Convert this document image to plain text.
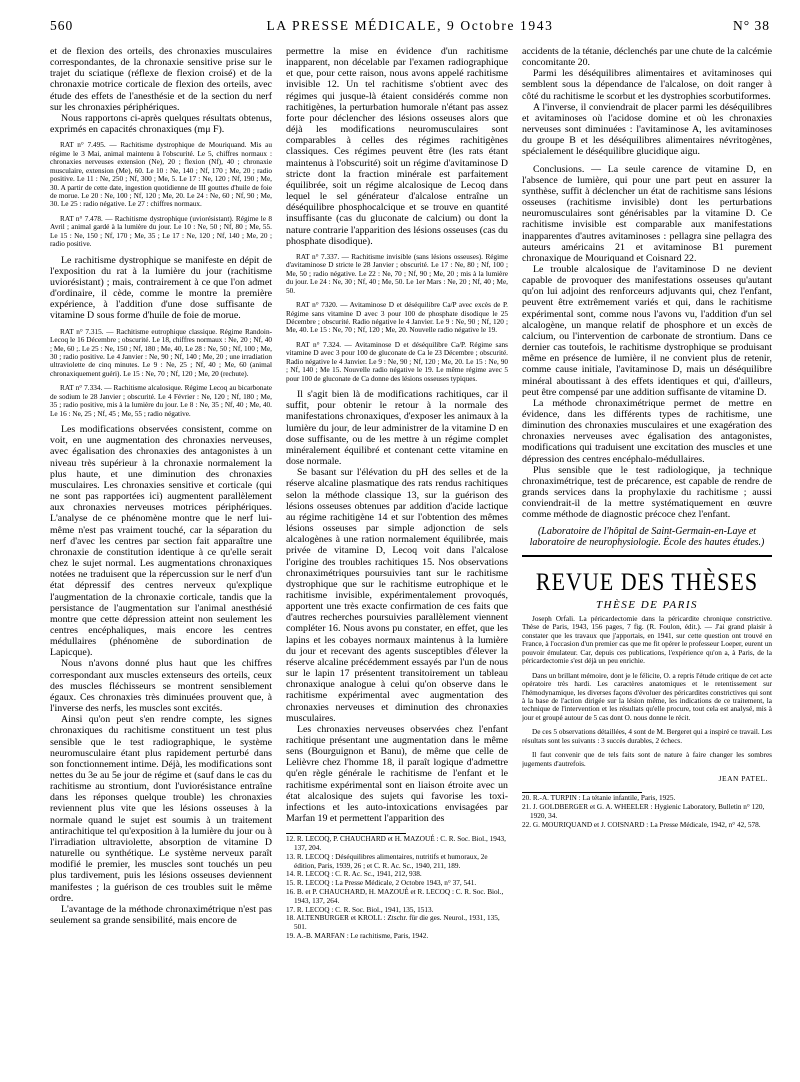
560	LA PRESSE MÉDICALE, 9 Octobre 1943	N° 38

et de flexion des orteils, des chronaxies musculaires correspondantes, de la chronaxie sensitive prise sur le trajet du sciatique (réflexe de flexion croisé) et de la chronaxie motrice corticale de flexion des orteils, avec étude des effets de l'anesthésie et de la section du nerf sur les chronaxies périphériques.

Nous rapportons ci-après quelques résultats obtenus, exprimés en capacités chronaxiques (mμ F).

RAT n° 7.495. — Rachitisme dystrophique de Mouriquand. Mis au régime le 3 Mai, animal maintenu à l'obscurité. Le 5, chiffres normaux : chronaxies nerveuses extension (Ne), 20 ; flexion (Nf), 40 ; chronaxie musculaire, extension (Me), 60. Le 10 : Ne, 140 ; Nf, 170 ; Me, 20 ; radio positive. Le 11 : Ne, 250 ; Nf, 300 ; Me, 5. Le 17 : Ne, 120 ; Nf, 190 ; Me, 30. A partir de cette date, ingestion quotidienne de III gouttes d'huile de foie de morue. Le 20 : Ne, 100 ; Nf, 120 ; Me, 20. Le 24 : Ne, 60 ; Nf, 90 ; Me, 30. Le 25 : radio négative. Le 27 : chiffres normaux.

RAT n° 7.478. — Rachitisme dystrophique (uviorésistant). Régime le 8 Avril ; animal gardé à la lumière du jour. Le 10 : Ne, 50 ; Nf, 80 ; Me, 55. Le 15 : Ne, 150 ; Nf, 170 ; Me, 35 ; Le 17 : Ne, 120 ; Nf, 140 ; Me, 20 ; radio positive.

Le rachitisme dystrophique se manifeste en dépit de l'exposition du rat à la lumière du jour (rachitisme uviorésistant) ; mais, contrairement à ce que l'on admet d'ordinaire, il cède, comme le montre la première expérience, à l'addition d'une dose suffisante de vitamine D sous forme d'huile de foie de morue.

RAT n° 7.315. — Rachitisme eutrophique classique. Régime Randoin-Lecoq le 16 Décembre ; obscurité. Le 18, chiffres normaux : Ne, 20 ; Nf, 40 ; Me, 60 ;. Le 25 : Ne, 150 ; Nf, 180 ; Me, 40, Le 28 : Ne, 50 ; Nf, 100 ; Me, 30 ; radio positive. Le 4 Janvier : Ne, 90 ; Nf, 140 ; Me, 20 ; une irradiation ultraviolette de cinq minutes. Le 9 : Ne, 25 ; Nf, 40 ; Me, 60 (animal chronaxiquement guéri). Le 15 : Ne, 70 ; Nf, 120 ; Me, 20 (rechute).

RAT n° 7.334. — Rachitisme alcalosique. Régime Lecoq au bicarbonate de sodium le 28 Janvier ; obscurité. Le 4 Février : Ne, 120 ; Nf, 180 ; Me, 35 ; radio positive, mis à la lumière du jour. Le 8 : Ne, 35 ; Nf, 40 ; Me, 40. Le 16 : Ne, 25 ; Nf, 45 ; Me, 55 ; radio négative.

Les modifications observées consistent, comme on voit, en une augmentation des chronaxies nerveuses, avec égalisation des chronaxies des antagonistes à un niveau très supérieur à la chronaxie normalement la plus haute, et une diminution des chronaxies musculaires. Les chronaxies sensitive et corticale (qui ne sont pas rapportées ici) augmentent parallèlement aux chronaxies nerveuses motrices périphériques. L'analyse de ce phénomène montre que le nerf lui-même n'est pas vraiment touché, car la séparation du nerf d'avec les centres par section fait apparaître une chronaxie de constitution identique à ce qu'elle serait chez le sujet normal. Les augmentations chronaxiques notées ne traduisent que la répercussion sur le nerf d'un état dépressif des centres nerveux qu'explique l'augmentation de la chronaxie corticale, tandis que la persistance de l'augmentation sur l'animal anesthésié montre que cette dépression atteint non seulement les centres encéphaliques, mais encore les centres médullaires (phénomène de subordination de Lapicque).

Nous n'avons donné plus haut que les chiffres correspondant aux muscles extenseurs des orteils, ceux des muscles fléchisseurs se montrent sensiblement égaux. Ces chronaxies très diminuées prouvent que, à l'inverse des nerfs, les muscles sont excités.

Ainsi qu'on peut s'en rendre compte, les signes chronaxiques du rachitisme constituent un test plus sensible que le test radiographique, le système neuromusculaire étant plus rapidement perturbé dans son fonctionnement intime. Déjà, les modifications sont nettes du 3e au 5e jour de régime et (sauf dans le cas du rachitisme au strontium, dont l'uviorésistance entraîne dans les réponses quelque trouble) les chronaxies reviennent plus vite que les lésions osseuses à la normale quand le sujet est soumis à un traitement antirachitique tel qu'exposition à la lumière du jour ou à l'irradiation ultraviolette, absorption de vitamine D naturelle ou synthétique. Le système nerveux paraît modifié le premier, les muscles sont touchés un peu plus tardivement, puis les lésions osseuses deviennent manifestes ; la guérison de ces troubles suit le même ordre.

L'avantage de la méthode chronaximétrique n'est pas seulement sa grande sensibilité, mais encore de

permettre la mise en évidence d'un rachitisme inapparent, non décelable par l'examen radiographique et que, pour cette raison, nous avons appelé rachitisme invisible 12. Un tel rachitisme s'obtient avec des régimes qui jusque-là étaient considérés comme non rachitigènes, la perturbation humorale n'étant pas assez forte pour déclencher des lésions osseuses alors que déjà les modifications neuromusculaires sont comparables à celles des régimes rachitigènes classiques. Ces régimes peuvent être (les rats étant maintenus à l'obscurité) soit un régime d'avitaminose D stricte dont la fraction minérale est parfaitement équilibrée, soit un régime alcalosique de Lecoq dans lequel le sel générateur d'alcalose entraîne un déséquilibre phosphocalcique et se trouve en quantité insuffisante (cas du gluconate de calcium) ou dont la nature contrarie l'apparition des lésions osseuses (cas du phosphate disodique).

RAT n° 7.337. — Rachitisme invisible (sans lésions osseuses). Régime d'avitaminose D stricte le 28 Janvier ; obscurité. Le 17 : Ne, 80 ; Nf, 100 ; Me, 50 ; radio négative. Le 22 : Ne, 70 ; Nf, 90 ; Me, 20 ; mis à la lumière du jour. Le 24 : Ne, 30 ; Nf, 40 ; Me, 50. Le 1er Mars : Ne, 20 ; Nf, 40 ; Me, 50.

RAT n° 7320. — Avitaminose D et déséquilibre Ca/P avec excès de P. Régime sans vitamine D avec 3 pour 100 de phosphate disodique le 25 Décembre ; obscurité. Radio négative le 4 Janvier. Le 9 : Ne, 90 ; Nf, 120 ; Me, 40. Le 15 : Ne, 70 ; Nf, 120 ; Me, 20. Nouvelle radio négative le 19.

RAT n° 7.324. — Avitaminose D et déséquilibre Ca/P. Régime sans vitamine D avec 3 pour 100 de gluconate de Ca le 23 Décembre ; obscurité. Radio négative le 4 Janvier. Le 9 : Ne, 90 ; Nf, 120 ; Me, 20. Le 15 : Ne, 90 ; Nf, 140 ; Me 15. Nouvelle radio négative le 19. Le même régime avec 5 pour 100 de gluconate de Ca donne des lésions osseuses typiques.

Il s'agit bien là de modifications rachitiques, car il suffit, pour obtenir le retour à la normale des manifestations chronaxiques, d'exposer les animaux à la lumière du jour, de leur administrer de la vitamine D en dose suffisante, ou de les mettre à un régime complet minéralement équilibré et contenant cette vitamine en dose normale.

Se basant sur l'élévation du pH des selles et de la réserve alcaline plasmatique des rats rendus rachitiques selon la méthode classique 13, sur la guérison des lésions osseuses obtenues par addition d'acide lactique au régime rachitigène 14 et sur l'obtention des mêmes lésions osseuses par simple adjonction de sels alcalogènes à une ration normalement équilibrée, mais privée de vitamine D, Lecoq voit dans l'alcalose l'origine des troubles rachitiques 15. Nos observations chronaximétriques poursuivies tant sur le rachitisme dystrophique que sur le rachitisme eutrophique et le rachitisme invisible, expérimentalement provoqués, apportent une très exacte confirmation de ces faits que d'autres recherches poursuivies parallèlement viennent compléter 16. Nous avons pu constater, en effet, que les lapins et les cobayes normaux maintenus à la lumière du jour et recevant des agents susceptibles d'élever la réserve alcaline précédemment essayés par l'un de nous sur le lapin 17 présentent transitoirement un tableau chronaxique analogue à celui qu'on observe dans le rachitisme expérimental avec augmentation des chronaxies nerveuses et diminution des chronaxies musculaires.

Les chronaxies nerveuses observées chez l'enfant rachitique présentant une augmentation dans le même sens (Bourguignon et Banu), de même que celle de Lelièvre chez l'homme 18, il paraît logique d'admettre qu'en règle générale le rachitisme de l'enfant et le rachitisme expérimental sont en liaison étroite avec un état alcalosique des sujets qui favorise les toxi-infections et les auto-intoxications envisagées par Marfan 19 et permettent l'apparition des

12. R. LECOQ, P. CHAUCHARD et H. MAZOUÉ : C. R. Soc. Biol., 1943, 137, 204.

13. R. LECOQ : Déséquilibres alimentaires, nutritifs et humoraux, 2e édition, Paris, 1939, 26 ; et C. R. Ac. Sc., 1940, 211, 189.

14. R. LECOQ : C. R. Ac. Sc., 1941, 212, 938.

15. R. LECOQ : La Presse Médicale, 2 Octobre 1943, n° 37, 541.

16. B. et P. CHAUCHARD, H. MAZOUÉ et R. LECOQ : C. R. Soc. Biol., 1943, 137, 264.

17. R. LECOQ : C. R. Soc. Biol., 1941, 135, 1513.

18. ALTENBURGER et KROLL : Ztschr. für die ges. Neurol., 1931, 135, 501.

19. A.-B. MARFAN : Le rachitisme, Paris, 1942.

accidents de la tétanie, déclenchés par une chute de la calcémie concomitante 20.

Parmi les déséquilibres alimentaires et avitaminoses qui semblent sous la dépendance de l'alcalose, on doit ranger à côté du rachitisme le scorbut et les dystrophies scorbutiformes.

A l'inverse, il conviendrait de placer parmi les déséquilibres et avitaminoses où l'acidose domine et où les chronaxies nerveuses sont diminuées : l'avitaminose A, les avitaminoses du groupe B et les déséquilibres alimentaires névritogènes, spécialement le déséquilibre glucidique aigu.

Conclusions. — La seule carence de vitamine D, en l'absence de lumière, qui pour une part peut en assurer la synthèse, suffit à déclencher un état de rachitisme sans lésions osseuses (rachitisme invisible) dont les perturbations neuromusculaires sont générisables par la vitamine D. Ce rachitisme invisible est comparable aux manifestations inapparentes d'autres avitaminoses : pellagra sine pellagra des auteurs américains 21 et avitaminose B1 purement chronaxique de Mouriquand et Coisnard 22.

Le trouble alcalosique de l'avitaminose D ne devient capable de provoquer des manifestations osseuses qu'autant qu'on lui adjoint des renforceurs adjuvants qui, chez l'enfant, peuvent être extrêmement variés et qui, dans le rachitisme expérimental sont, comme nous l'avons vu, l'addition d'un sel alcalogène, un manque relatif de phosphore et un excès de calcium, ou l'intervention de carbonate de strontium. Dans ce dernier cas toutefois, le rachitisme dystrophique se produisant même en présence de lumière, il ne convient plus de retenir, comme cause initiale, l'avitaminose D, mais un déséquilibre minéral aboutissant à des effets identiques et qui, d'ailleurs, peut être compensé par une addition suffisante de vitamine D.

La méthode chronaximétrique permet de mettre en évidence, dans les différents types de rachitisme, une diminution des chronaxies musculaires et une exagération des chronaxies nerveuses avec égalisation des antagonistes, modifications qui traduisent une excitation des muscles et une dépression des centres encéphalo-médullaires.

Plus sensible que le test radiologique, ja technique chronaximétrique, test de précarence, est capable de rendre de grands services dans la prophylaxie du rachitisme ; aussi conviendrait-il de la mettre systématiquement en œuvre comme méthode de diagnostic précoce chez l'enfant.

(Laboratoire de l'hôpital de Saint-Germain-en-Laye et laboratoire de neurophysiologie. École des hautes études.)

REVUE DES THÈSES
THÈSE DE PARIS

Joseph Orfali. La péricardectomie dans la péricardite chronique constrictive. Thèse de Paris, 1943, 156 pages, 7 fig. (R. Foulon, édit.). — J'ai grand plaisir à constater que les travaux que j'apportais, en 1941, sur cette question ont trouvé en France, à l'occasion d'un premier cas que me fit opérer le professeur Loeper, eurent un pouvoir émulateur. Car, depuis ces publications, l'expérience qu'on a, à Paris, de la péricardectomie s'est déjà un peu enrichie.

Dans un brillant mémoire, dont je le félicite, O. a repris l'étude critique de cet acte opératoire très hardi. Les caractères anatomiques et le retentissement sur l'hémodynamique, les diverses façons d'évoluer des péricardites constrictives qui sont à la base de l'action dirigée sur la lésion même, les indications de ce traitement, la technique de l'intervention et les résultats qu'elle procure, tout cela est analysé, mis à jour et groupé autour de 5 cas dont O. nous donne le récit.

De ces 5 observations détaillées, 4 sont de M. Bergeret qui a inspiré ce travail. Les résultats sont les suivants : 3 succès durables, 2 échecs.

Il faut convenir que de tels faits sont de nature à faire changer les sombres jugements d'autrefois.

JEAN PATEL.

20. R.-A. TURPIN : La tétanie infantile, Paris, 1925.

21. J. GOLDBERGER et G. A. WHEELER : Hygienic Laboratory, Bulletin n° 120, 1920, 34.

22. G. MOURIQUAND et J. COISNARD : La Presse Médicale, 1942, n° 42, 578.
